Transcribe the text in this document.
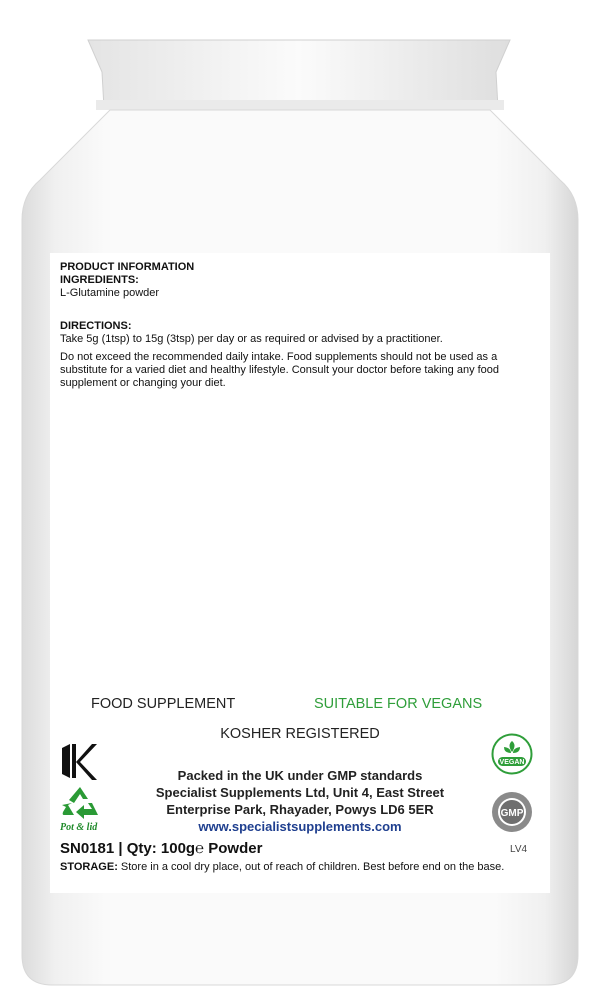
PRODUCT INFORMATION

INGREDIENTS:

L-Glutamine powder

DIRECTIONS:

Take 5g (1tsp) to 15g (3tsp) per day or as required or advised by a practitioner.

Do not exceed the recommended daily intake. Food supplements should not be used as a substitute for a varied diet and healthy lifestyle. Consult your doctor before taking any food supplement or changing your diet.

FOOD SUPPLEMENT	SUITABLE FOR VEGANS
KOSHER REGISTERED
Pot & lid
Packed in the UK under GMP standards
Specialist Supplements Ltd, Unit 4, East Street
Enterprise Park, Rhayader, Powys LD6 5ER
www.specialistsupplements.com
VEGAN
GMP
SN0181 | Qty: 100g℮ Powder	LV4
STORAGE: Store in a cool dry place, out of reach of children. Best before end on the base.
